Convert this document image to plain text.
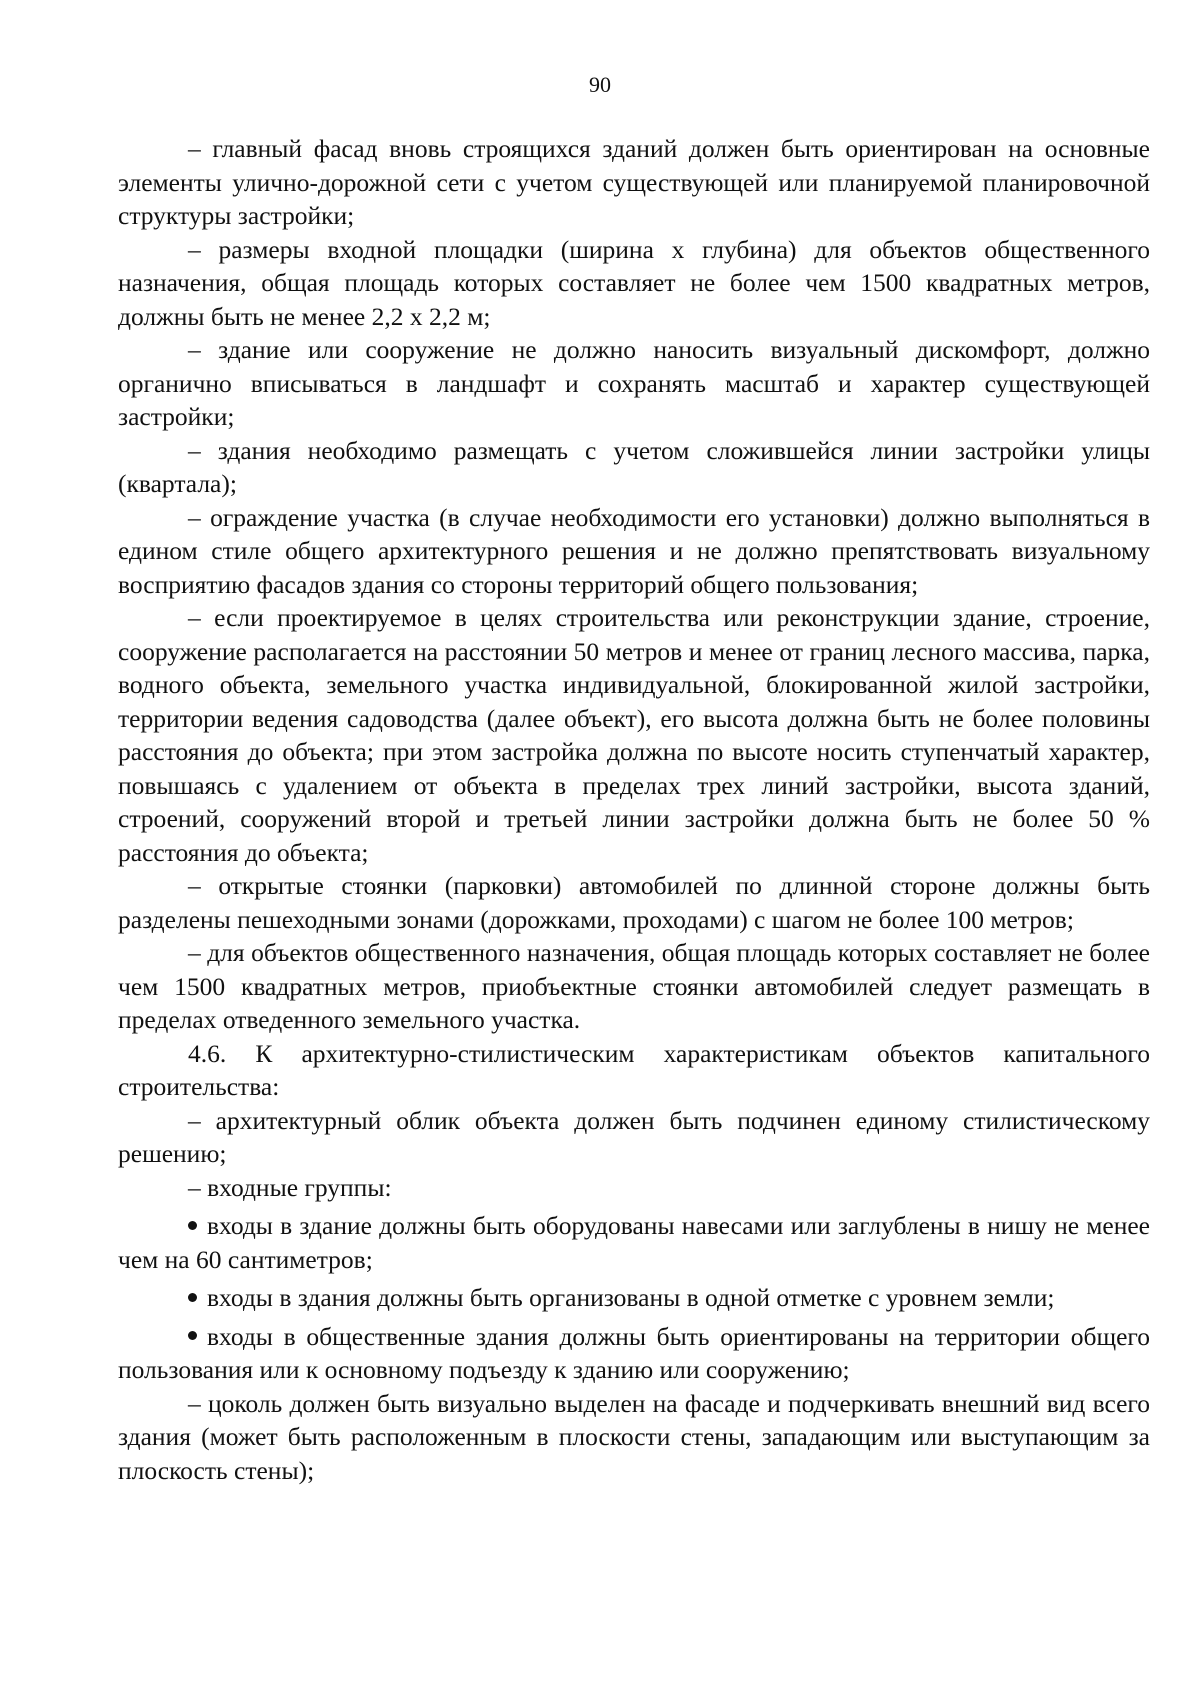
90

– главный фасад вновь строящихся зданий должен быть ориентирован на основные элементы улично-дорожной сети с учетом существующей или планируемой планировочной структуры застройки;

– размеры входной площадки (ширина х глубина) для объектов общественного назначения, общая площадь которых составляет не более чем 1500 квадратных метров, должны быть не менее 2,2 х 2,2 м;

– здание или сооружение не должно наносить визуальный дискомфорт, должно органично вписываться в ландшафт и сохранять масштаб и характер существующей застройки;

– здания необходимо размещать с учетом сложившейся линии застройки улицы (квартала);

– ограждение участка (в случае необходимости его установки) должно выполняться в едином стиле общего архитектурного решения и не должно препятствовать визуальному восприятию фасадов здания со стороны территорий общего пользования;

– если проектируемое в целях строительства или реконструкции здание, строение, сооружение располагается на расстоянии 50 метров и менее от границ лесного массива, парка, водного объекта, земельного участка индивидуальной, блокированной жилой застройки, территории ведения садоводства (далее объект), его высота должна быть не более половины расстояния до объекта; при этом застройка должна по высоте носить ступенчатый характер, повышаясь с удалением от объекта в пределах трех линий застройки, высота зданий, строений, сооружений второй и третьей линии застройки должна быть не более 50 % расстояния до объекта;

– открытые стоянки (парковки) автомобилей по длинной стороне должны быть разделены пешеходными зонами (дорожками, проходами) с шагом не более 100 метров;

– для объектов общественного назначения, общая площадь которых составляет не более чем 1500 квадратных метров, приобъектные стоянки автомобилей следует размещать в пределах отведенного земельного участка.

4.6. К архитектурно-стилистическим характеристикам объектов капитального строительства:

– архитектурный облик объекта должен быть подчинен единому стилистическому решению;

– входные группы:

входы в здание должны быть оборудованы навесами или заглублены в нишу не менее чем на 60 сантиметров;

входы в здания должны быть организованы в одной отметке с уровнем земли;

входы в общественные здания должны быть ориентированы на территории общего пользования или к основному подъезду к зданию или сооружению;

– цоколь должен быть визуально выделен на фасаде и подчеркивать внешний вид всего здания (может быть расположенным в плоскости стены, западающим или выступающим за плоскость стены);
